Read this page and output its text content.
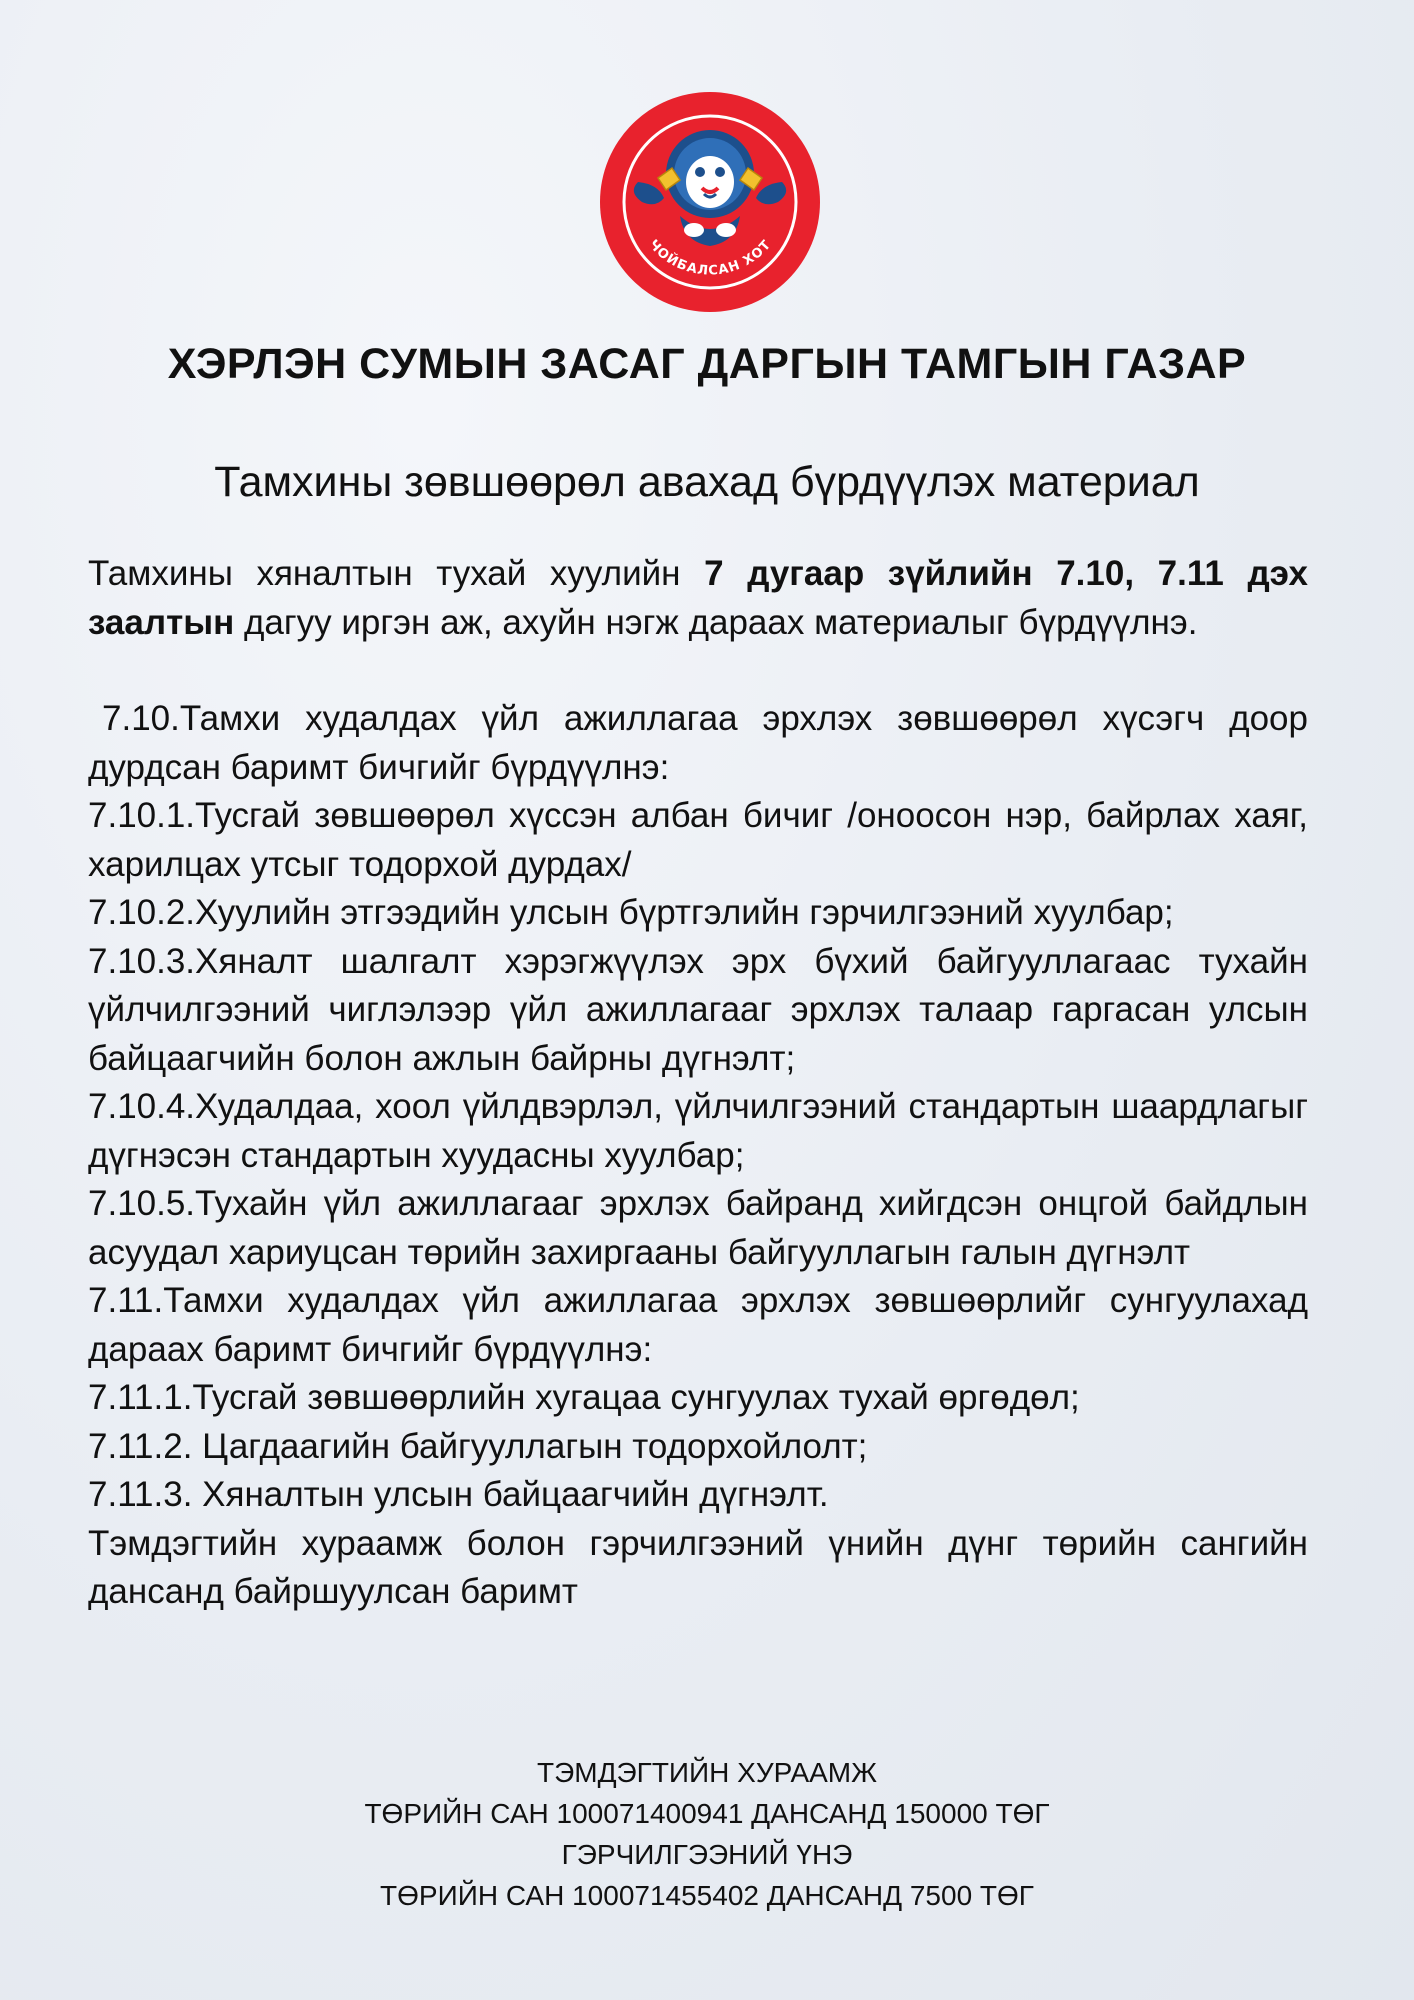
ЧОЙБАЛСАН ХОТ
ХЭРЛЭН СУМЫН ЗАСАГ ДАРГЫН ТАМГЫН ГАЗАР
Тамхины зөвшөөрөл авахад бүрдүүлэх материал

Тамхины хяналтын тухай хуулийн 7 дугаар зүйлийн 7.10, 7.11 дэх заалтын дагуу иргэн аж, ахуйн нэгж дараах материалыг бүрдүүлнэ.

7.10.Тамхи худалдах үйл ажиллагаа эрхлэх зөвшөөрөл хүсэгч доор дурдсан баримт бичгийг бүрдүүлнэ:

7.10.1.Тусгай зөвшөөрөл хүссэн албан бичиг /оноосон нэр, байрлах хаяг, харилцах утсыг тодорхой дурдах/

7.10.2.Хуулийн этгээдийн улсын бүртгэлийн гэрчилгээний хуулбар;

7.10.3.Хяналт шалгалт хэрэгжүүлэх эрх бүхий байгууллагаас тухайн үйлчилгээний чиглэлээр үйл ажиллагааг эрхлэх талаар гаргасан улсын байцаагчийн болон ажлын байрны дүгнэлт;

7.10.4.Худалдаа, хоол үйлдвэрлэл, үйлчилгээний стандартын шаардлагыг дүгнэсэн стандартын хуудасны хуулбар;

7.10.5.Тухайн үйл ажиллагааг эрхлэх байранд хийгдсэн онцгой байдлын асуудал хариуцсан төрийн захиргааны байгууллагын галын дүгнэлт

7.11.Тамхи худалдах үйл ажиллагаа эрхлэх зөвшөөрлийг сунгуулахад дараах баримт бичгийг бүрдүүлнэ:

7.11.1.Тусгай зөвшөөрлийн хугацаа сунгуулах тухай өргөдөл;

7.11.2. Цагдаагийн байгууллагын тодорхойлолт;

7.11.3. Хяналтын улсын байцаагчийн дүгнэлт.

Тэмдэгтийн хураамж болон гэрчилгээний үнийн дүнг төрийн сангийн дансанд байршуулсан баримт

ТЭМДЭГТИЙН ХУРААМЖ
ТӨРИЙН САН 100071400941 ДАНСАНД 150000 ТӨГ
ГЭРЧИЛГЭЭНИЙ ҮНЭ
ТӨРИЙН САН 100071455402 ДАНСАНД 7500 ТӨГ
